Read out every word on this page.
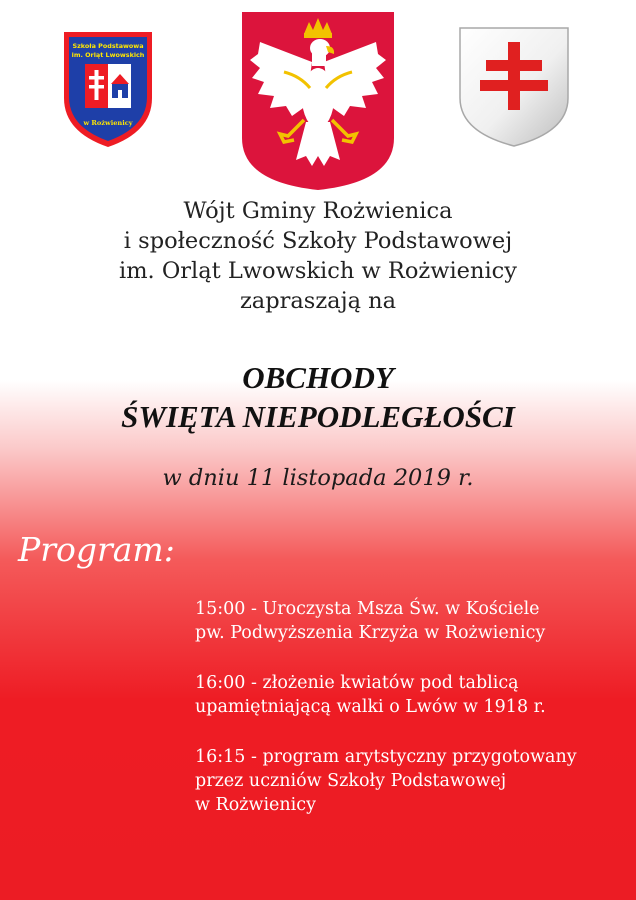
Szkoła Podstawowa
im. Orląt Lwowskich
w Rożwienicy
Wójt Gminy Rożwienica
i społeczność Szkoły Podstawowej
im. Orląt Lwowskich w Rożwienicy
zapraszają na
OBCHODY
ŚWIĘTA NIEPODLEGŁOŚCI
w dniu 11 listopada 2019 r.
Program:
15:00 - Uroczysta Msza Św. w Kościele
pw. Podwyższenia Krzyża w Rożwienicy
16:00 - złożenie kwiatów pod tablicą
upamiętniającą walki o Lwów w 1918 r.
16:15 - program arytstyczny przygotowany
przez uczniów Szkoły Podstawowej
w Rożwienicy
